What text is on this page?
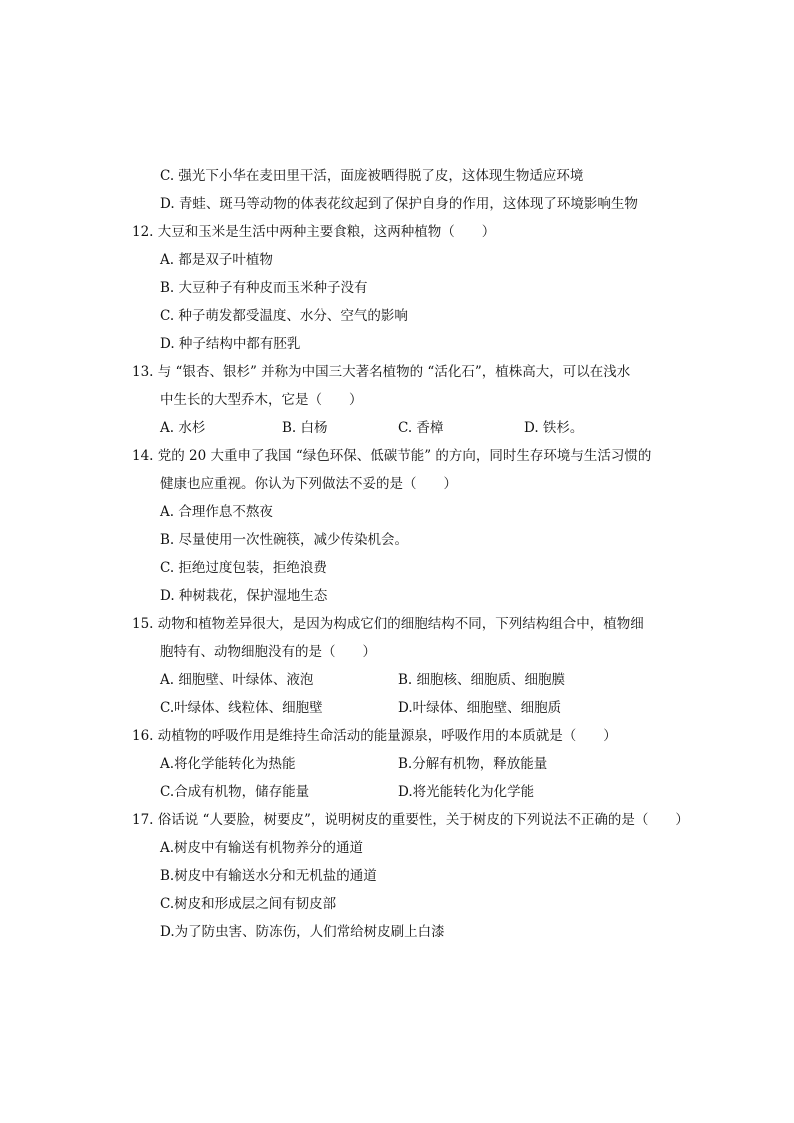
C. 强光下小华在麦田里干活，面庞被晒得脱了皮，这体现生物适应环境
D. 青蛙、斑马等动物的体表花纹起到了保护自身的作用，这体现了环境影响生物
12. 大豆和玉米是生活中两种主要食粮，这两种植物（　　）
A. 都是双子叶植物
B. 大豆种子有种皮而玉米种子没有
C. 种子萌发都受温度、水分、空气的影响
D. 种子结构中都有胚乳
13. 与 “银杏、银杉” 并称为中国三大著名植物的 “活化石”，植株高大，可以在浅水
中生长的大型乔木，它是（　　）
A. 水杉	B. 白杨	C. 香樟	D. 铁杉。
14. 党的 20 大重申了我国 “绿色环保、低碳节能” 的方向，同时生存环境与生活习惯的
健康也应重视。你认为下列做法不妥的是（　　）
A. 合理作息不熬夜
B. 尽量使用一次性碗筷，减少传染机会。
C. 拒绝过度包装，拒绝浪费
D. 种树栽花，保护湿地生态
15. 动物和植物差异很大，是因为构成它们的细胞结构不同，下列结构组合中，植物细
胞特有、动物细胞没有的是（　　）
A. 细胞壁、叶绿体、液泡	B. 细胞核、细胞质、细胞膜
C.叶绿体、线粒体、细胞壁	D.叶绿体、细胞壁、细胞质
16. 动植物的呼吸作用是维持生命活动的能量源泉，呼吸作用的本质就是（　　）
A.将化学能转化为热能	B.分解有机物，释放能量
C.合成有机物，储存能量	D.将光能转化为化学能
17. 俗话说 “人要脸，树要皮”，说明树皮的重要性，关于树皮的下列说法不正确的是（　　）
A.树皮中有输送有机物养分的通道
B.树皮中有输送水分和无机盐的通道
C.树皮和形成层之间有韧皮部
D.为了防虫害、防冻伤，人们常给树皮刷上白漆
